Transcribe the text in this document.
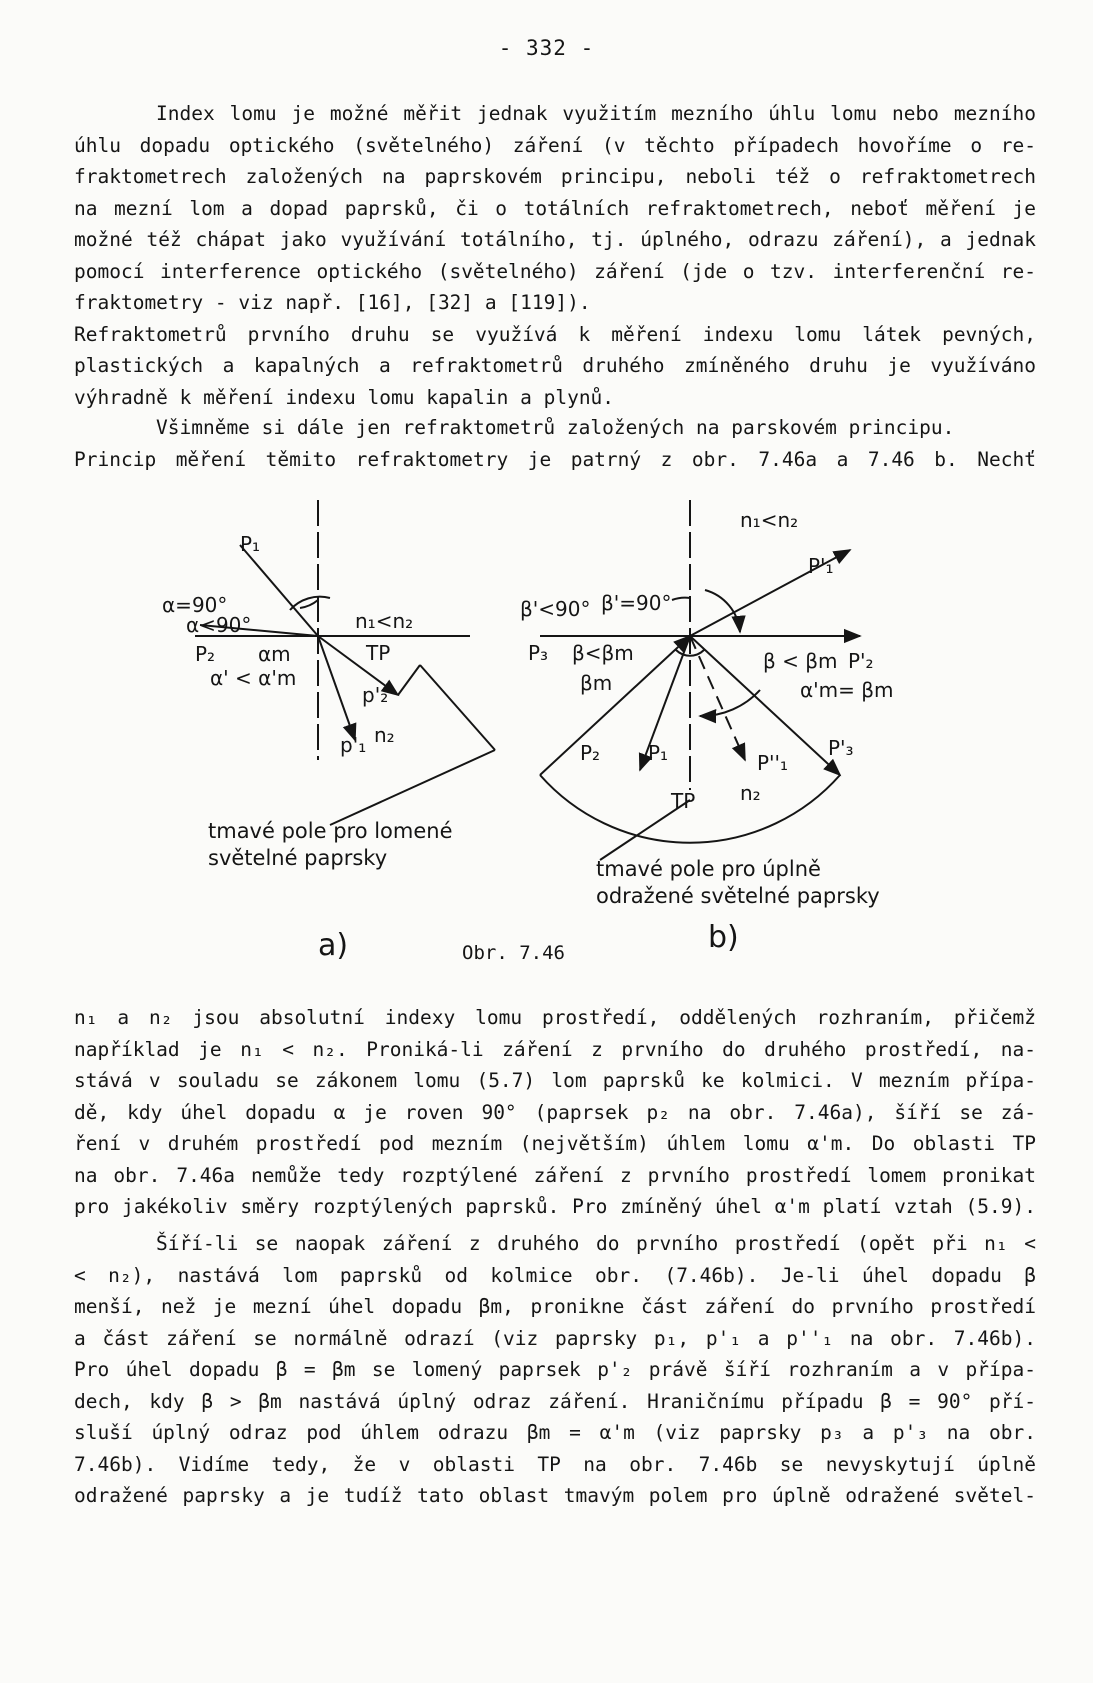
- 332 -
Index lomu je možné měřit jednak využitím mezního úhlu lomu nebo mezního
úhlu dopadu optického (světelného) záření (v těchto případech hovoříme o re-
fraktometrech založených na paprskovém principu, neboli též o refraktometrech
na mezní lom a dopad paprsků, či o totálních refraktometrech, neboť měření je
možné též chápat jako využívání totálního, tj. úplného, odrazu záření), a jednak
pomocí interference optického (světelného) záření (jde o tzv. interferenční re-
fraktometry - viz např. [16], [32] a [119]).
Refraktometrů prvního druhu se využívá k měření indexu lomu látek pevných,
plastických a kapalných a refraktometrů druhého zmíněného druhu je využíváno
výhradně k měření indexu lomu kapalin a plynů.
Všimněme si dále jen refraktometrů založených na parskovém principu.
Princip měření těmito refraktometry je patrný z obr. 7.46a a 7.46 b. Nechť
P₁
α=90°
α<90°
P₂ αm
α' < α'm
n₁<n₂
TP
p'₂
p'₁ n₂
n₁<n₂
P'₁
β'=90°
β'<90°
P₃ β<βm
βm
β < βm P'₂
α'm= βm
P₂ P₁	P''₁
P'₃
TP n₂
tmavé pole pro lomené
světelné paprsky	tmavé pole pro úplně
odražené světelné paprsky
a)	b)
Obr. 7.46
n₁ a n₂ jsou absolutní indexy lomu prostředí, oddělených rozhraním, přičemž
například je n₁ < n₂. Proniká-li záření z prvního do druhého prostředí, na-
stává v souladu se zákonem lomu (5.7) lom paprsků ke kolmici. V mezním přípa-
dě, kdy úhel dopadu α je roven 90° (paprsek p₂ na obr. 7.46a), šíří se zá-
ření v druhém prostředí pod mezním (největším) úhlem lomu α'm. Do oblasti TP
na obr. 7.46a nemůže tedy rozptýlené záření z prvního prostředí lomem pronikat
pro jakékoliv směry rozptýlených paprsků. Pro zmíněný úhel α'm platí vztah (5.9).
Šíří-li se naopak záření z druhého do prvního prostředí (opět při n₁ <
< n₂), nastává lom paprsků od kolmice obr. (7.46b). Je-li úhel dopadu β
menší, než je mezní úhel dopadu βm, pronikne část záření do prvního prostředí
a část záření se normálně odrazí (viz paprsky p₁, p'₁ a p''₁ na obr. 7.46b).
Pro úhel dopadu β = βm se lomený paprsek p'₂ právě šíří rozhraním a v přípa-
dech, kdy β > βm nastává úplný odraz záření. Hraničnímu případu β = 90° pří-
sluší úplný odraz pod úhlem odrazu βm = α'm (viz paprsky p₃ a p'₃ na obr.
7.46b). Vidíme tedy, že v oblasti TP na obr. 7.46b se nevyskytují úplně
odražené paprsky a je tudíž tato oblast tmavým polem pro úplně odražené světel-
